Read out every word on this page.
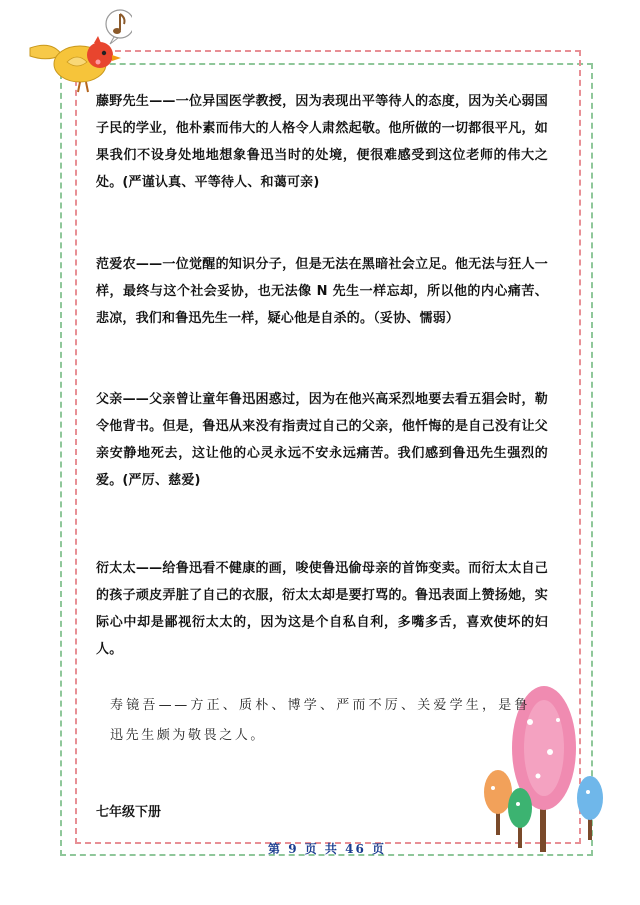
藤野先生——一位异国医学教授，因为表现出平等待人的态度，因为关心弱国子民的学业，他朴素而伟大的人格令人肃然起敬。他所做的一切都很平凡，如果我们不设身处地地想象鲁迅当时的处境，便很难感受到这位老师的伟大之处。(严谨认真、平等待人、和蔼可亲)

范爱农——一位觉醒的知识分子，但是无法在黑暗社会立足。他无法与狂人一样，最终与这个社会妥协，也无法像 N 先生一样忘却，所以他的内心痛苦、悲凉，我们和鲁迅先生一样，疑心他是自杀的。（妥协、懦弱）

父亲——父亲曾让童年鲁迅困惑过，因为在他兴高采烈地要去看五猖会时，勒令他背书。但是，鲁迅从来没有指责过自己的父亲，他忏悔的是自己没有让父亲安静地死去，这让他的心灵永远不安永远痛苦。我们感到鲁迅先生强烈的爱。(严厉、慈爱)

衍太太——给鲁迅看不健康的画，唆使鲁迅偷母亲的首饰变卖。而衍太太自己的孩子顽皮弄脏了自己的衣服，衍太太却是要打骂的。鲁迅表面上赞扬她，实际心中却是鄙视衍太太的，因为这是个自私自利，多嘴多舌，喜欢使坏的妇人。

寿镜吾——方正、质朴、博学、严而不厉、关爱学生，是鲁迅先生颇为敬畏之人。

七年级下册
第 9 页 共 46 页
